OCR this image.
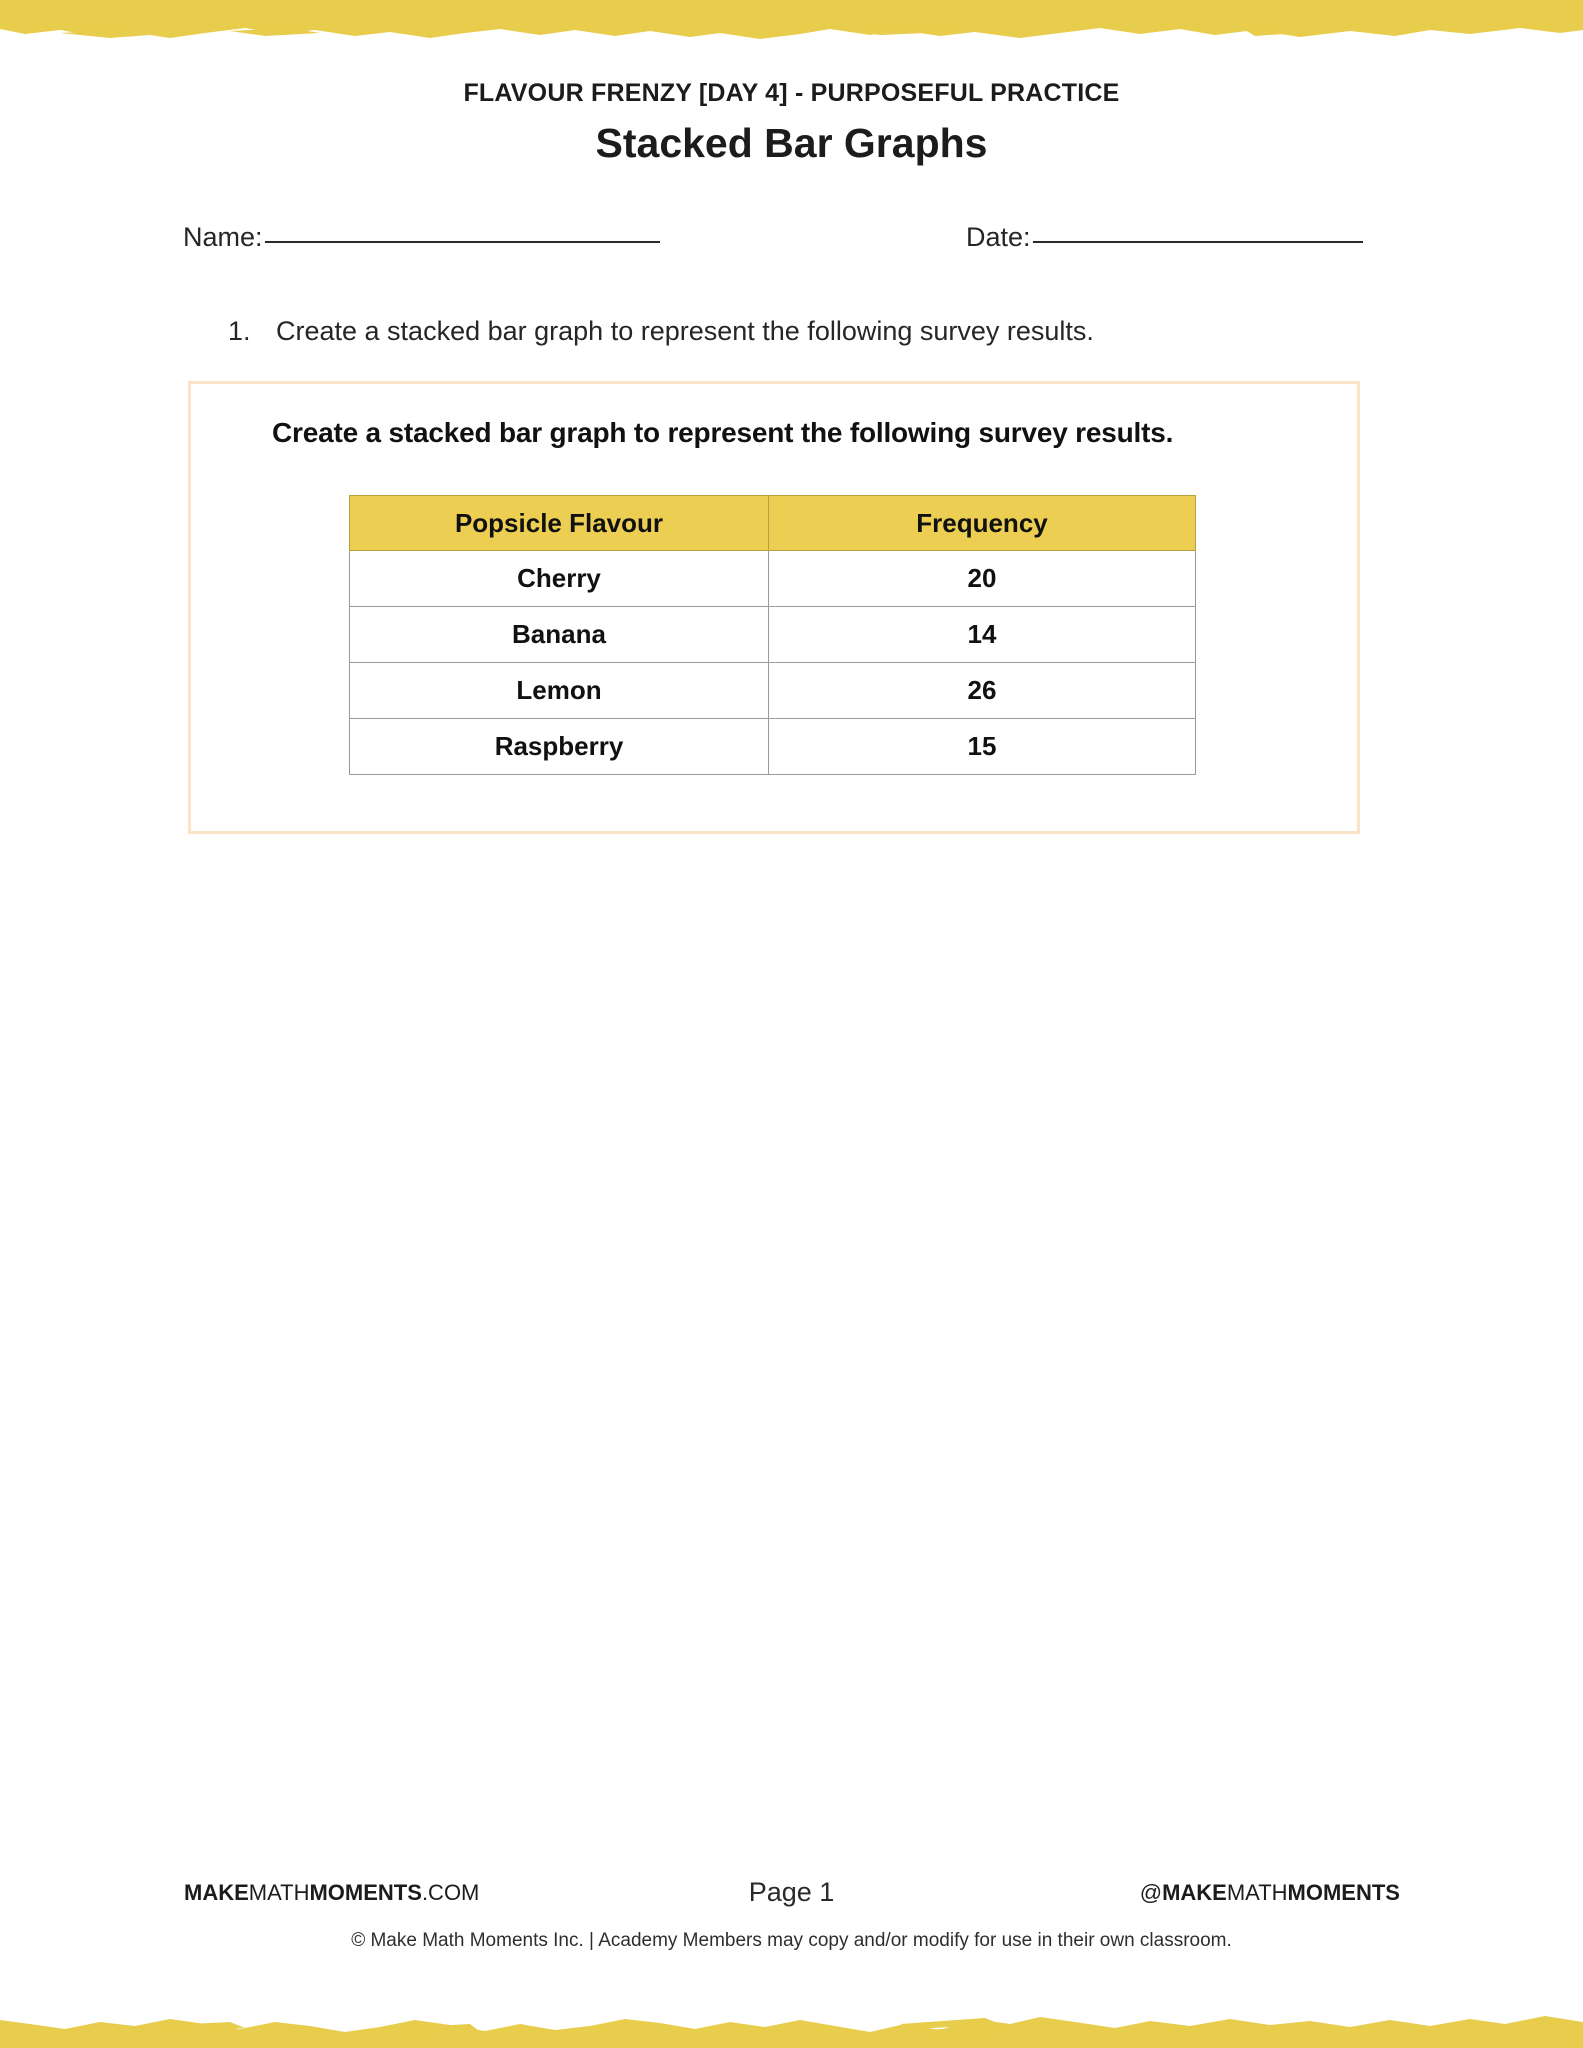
FLAVOUR FRENZY [DAY 4] - PURPOSEFUL PRACTICE
Stacked Bar Graphs
Name:	Date:
1. Create a stacked bar graph to represent the following survey results.
Create a stacked bar graph to represent the following survey results.
Popsicle Flavour	Frequency
Cherry	20
Banana	14
Lemon	26
Raspberry	15
MAKEMATHMOMENTS.COM	Page 1	@MAKEMATHMOMENTS
© Make Math Moments Inc. | Academy Members may copy and/or modify for use in their own classroom.
